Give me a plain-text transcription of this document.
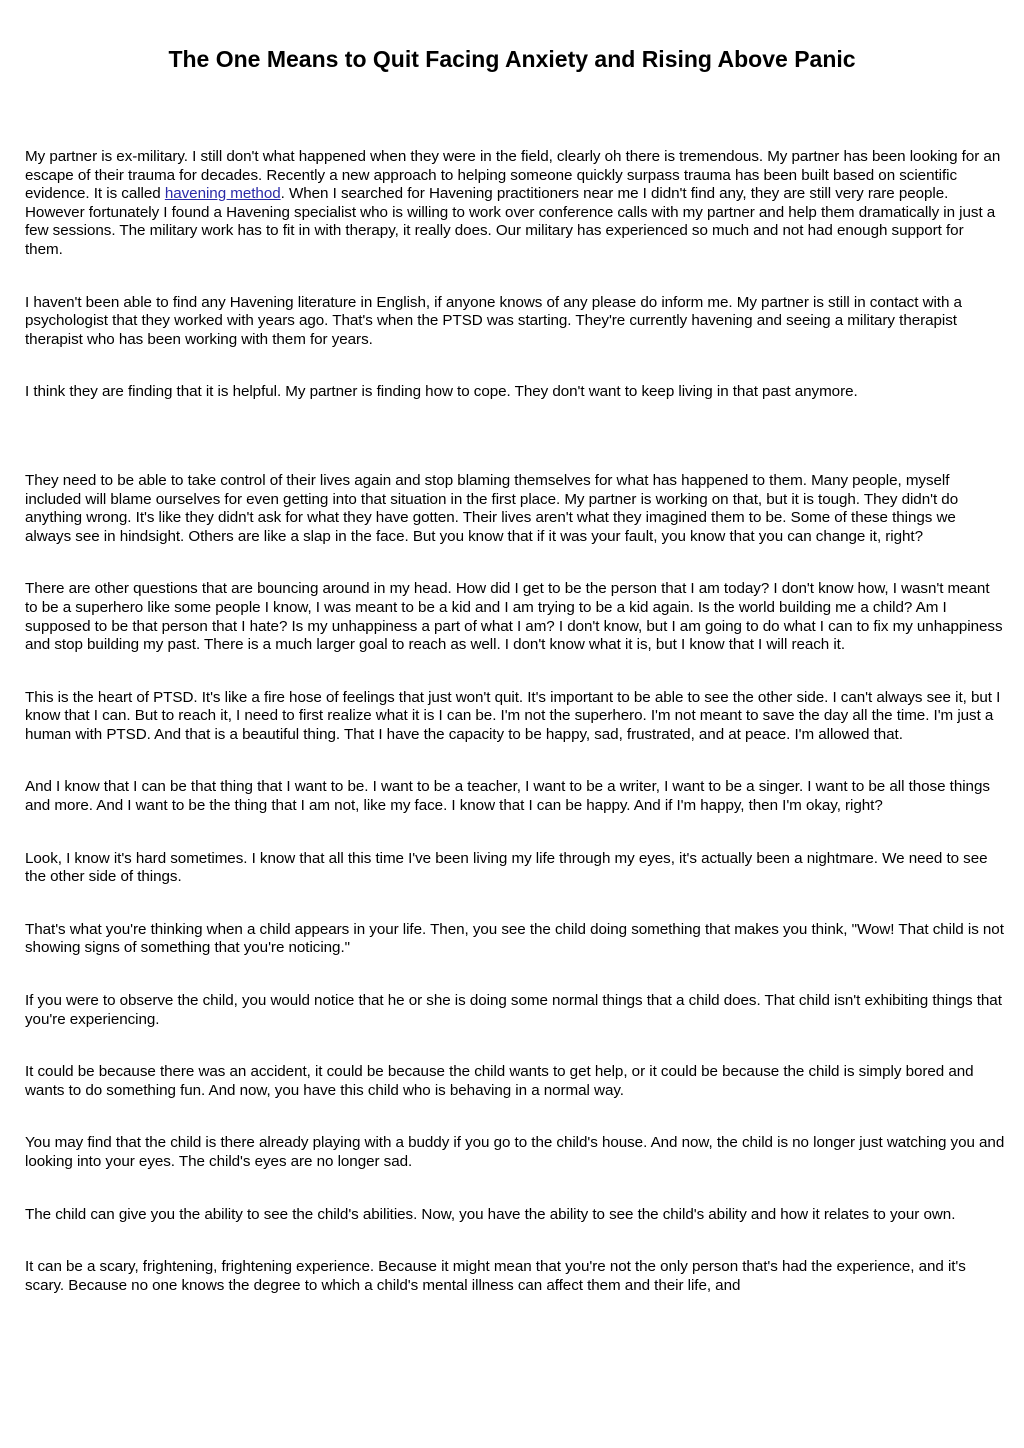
The One Means to Quit Facing Anxiety and Rising Above Panic

My partner is ex-military. I still don't what happened when they were in the field, clearly oh there is tremendous. My partner has been looking for an escape of their trauma for decades. Recently a new approach to helping someone quickly surpass trauma has been built based on scientific evidence. It is called havening method. When I searched for Havening practitioners near me I didn't find any, they are still very rare people. However fortunately I found a Havening specialist who is willing to work over conference calls with my partner and help them dramatically in just a few sessions. The military work has to fit in with therapy, it really does. Our military has experienced so much and not had enough support for them.

I haven't been able to find any Havening literature in English, if anyone knows of any please do inform me. My partner is still in contact with a psychologist that they worked with years ago. That's when the PTSD was starting. They're currently havening and seeing a military therapist therapist who has been working with them for years.

I think they are finding that it is helpful. My partner is finding how to cope. They don't want to keep living in that past anymore.

They need to be able to take control of their lives again and stop blaming themselves for what has happened to them. Many people, myself included will blame ourselves for even getting into that situation in the first place. My partner is working on that, but it is tough. They didn't do anything wrong. It's like they didn't ask for what they have gotten. Their lives aren't what they imagined them to be. Some of these things we always see in hindsight. Others are like a slap in the face. But you know that if it was your fault, you know that you can change it, right?

There are other questions that are bouncing around in my head. How did I get to be the person that I am today? I don't know how, I wasn't meant to be a superhero like some people I know, I was meant to be a kid and I am trying to be a kid again. Is the world building me a child? Am I supposed to be that person that I hate? Is my unhappiness a part of what I am? I don't know, but I am going to do what I can to fix my unhappiness and stop building my past. There is a much larger goal to reach as well. I don't know what it is, but I know that I will reach it.

This is the heart of PTSD. It's like a fire hose of feelings that just won't quit. It's important to be able to see the other side. I can't always see it, but I know that I can. But to reach it, I need to first realize what it is I can be. I'm not the superhero. I'm not meant to save the day all the time. I'm just a human with PTSD. And that is a beautiful thing. That I have the capacity to be happy, sad, frustrated, and at peace. I'm allowed that.

And I know that I can be that thing that I want to be. I want to be a teacher, I want to be a writer, I want to be a singer. I want to be all those things and more. And I want to be the thing that I am not, like my face. I know that I can be happy. And if I'm happy, then I'm okay, right?

Look, I know it's hard sometimes. I know that all this time I've been living my life through my eyes, it's actually been a nightmare. We need to see the other side of things.

That's what you're thinking when a child appears in your life. Then, you see the child doing something that makes you think, "Wow! That child is not showing signs of something that you're noticing."

If you were to observe the child, you would notice that he or she is doing some normal things that a child does. That child isn't exhibiting things that you're experiencing.

It could be because there was an accident, it could be because the child wants to get help, or it could be because the child is simply bored and wants to do something fun. And now, you have this child who is behaving in a normal way.

You may find that the child is there already playing with a buddy if you go to the child's house. And now, the child is no longer just watching you and looking into your eyes. The child's eyes are no longer sad.

The child can give you the ability to see the child's abilities. Now, you have the ability to see the child's ability and how it relates to your own.

It can be a scary, frightening, frightening experience. Because it might mean that you're not the only person that's had the experience, and it's scary. Because no one knows the degree to which a child's mental illness can affect them and their life, and
